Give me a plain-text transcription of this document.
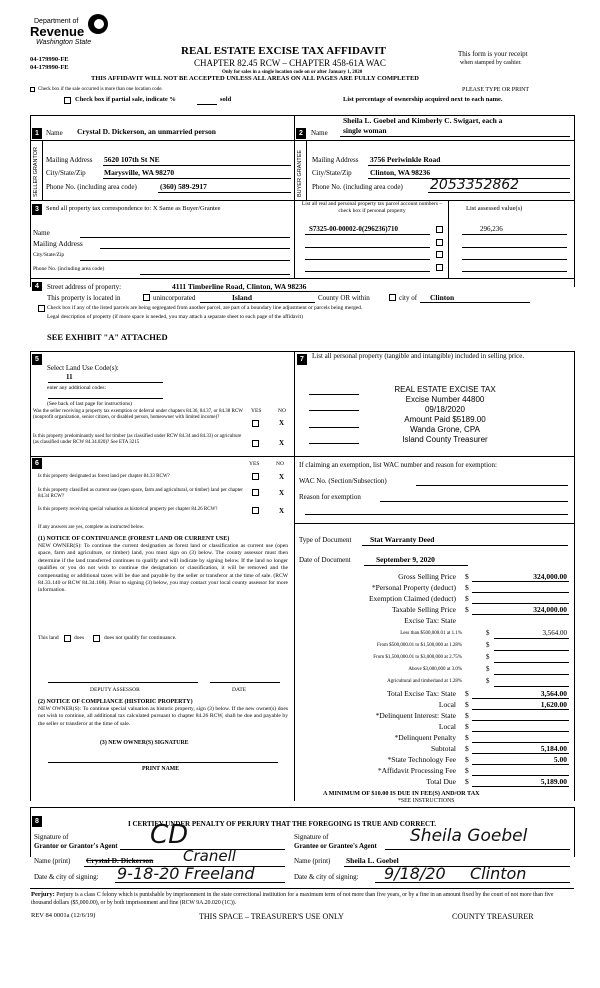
Department of
Revenue
Washington State
04-179990-FE
04-179990-FE
REAL ESTATE EXCISE TAX AFFIDAVIT
CHAPTER 82.45 RCW – CHAPTER 458-61A WAC
Only for sales in a single location code on or after January 1, 2020
THIS AFFIDAVIT WILL NOT BE ACCEPTED UNLESS ALL AREAS ON ALL PAGES ARE FULLY COMPLETED
This form is your receipt
when stamped by cashier.
PLEASE TYPE OR PRINT
Check box if the sale occurred is more than one location code.
Check box if partial sale, indicate %	sold	List percentage of ownership acquired next to each name.
1	Name Crystal D. Dickerson, an unmarried person
SELLER GRANTOR Mailing Address 5620 107th St NE
City/State/Zip Marysville, WA 98270
Phone No. (including area code)	(360) 589-2917
Sheila L. Goebel and Kimberly C. Swigart, each a
2	Name single woman
BUYER GRANTEE Mailing Address 3756 Periwinkle Road
City/State/Zip Clinton, WA 98236
Phone No. (including area code) 2053352862
3	Send all property tax correspondence to: X Same as Buyer/Grantee
List all real and personal property tax parcel account numbers – check box if personal property	List assessed value(s)
Name
Mailing Address
City/State/Zip
Phone No. (including area code)
S7325-00-00002-0(296236)710	296,236
4	Street address of property:	4111 Timberline Road, Clinton, WA 98236
This property is located in	unincorporated	Island	County OR within	city of Clinton
Check box if any of the listed parcels are being segregated from another parcel, are part of a boundary line adjustment or parcels being merged.
Legal description of property (if more space is needed, you may attach a separate sheet to each page of the affidavit)
SEE EXHIBIT "A" ATTACHED
5
Select Land Use Code(s):
11
enter any additional codes:
(See back of last page for instructions)
YES	NO
Was the seller receiving a property tax exemption or deferral under chapters 84.36, 84.37, or 84.38 RCW (nonprofit organization, senior citizen, or disabled person, homeowner with limited income)?
X
Is this property predominantly used for timber (as classified under RCW 84.34 and 84.33) or agriculture (as classified under RCW 84.34.020)? See ETA 3215	X
7	List all personal property (tangible and intangible) included in selling price.
REAL ESTATE EXCISE TAX
Excise Number 44800
09/18/2020
Amount Paid $5189.00
Wanda Grone, CPA
Island County Treasurer
6	YES	NO
Is this property designated as forest land per chapter 84.33 RCW?	X
Is this property classified as current use (open space, farm and agricultural, or timber) land per chapter 84.34 RCW?	X
Is this property receiving special valuation as historical property per chapter 84.26 RCW?	X
If any answers are yes, complete as instructed below.
(1) NOTICE OF CONTINUANCE (FOREST LAND OR CURRENT USE)
NEW OWNER(S): To continue the current designation as forest land or classification as current use (open space, farm and agriculture, or timber) land, you must sign on (3) below. The county assessor must then determine if the land transferred continues to qualify and will indicate by signing below. If the land no longer qualifies or you do not wish to continue the designation or classification, it will be removed and the compensating or additional taxes will be due and payable by the seller or transferor at the time of sale. (RCW 84.33.140 or RCW 84.34.108). Prior to signing (3) below, you may contact your local county assessor for more information.
This land	does	does not qualify for continuance.
DEPUTY ASSESSOR	DATE
(2) NOTICE OF COMPLIANCE (HISTORIC PROPERTY)
NEW OWNER(S): To continue special valuation as historic property, sign (3) below. If the new owner(s) does not wish to continue, all additional tax calculated pursuant to chapter 84.26 RCW, shall be due and payable by the seller or transferor at the time of sale.
(3) NEW OWNER(S) SIGNATURE
PRINT NAME
If claiming an exemption, list WAC number and reason for exemption:
WAC No. (Section/Subsection)
Reason for exemption
Type of Document Stat Warranty Deed
Date of Document	September 9, 2020
Gross Selling Price $	324,000.00
*Personal Property (deduct) $
Exemption Claimed (deduct) $
Taxable Selling Price $	324,000.00
Excise Tax: State
Less than $500,000.01 at 1.1%	$	3,564.00
From $500,000.01 to $1,500,000 at 1.28%	$
From $1,500,000.01 to $3,000,000 at 2.75%	$
Above $3,000,000 at 3.0%	$
Agricultural and timberland at 1.28%	$
Total Excise Tax: State $	3,564.00
Local $	1,620.00
*Delinquent Interest: State $
Local $
*Delinquent Penalty $
Subtotal $	5,184.00
*State Technology Fee $	5.00
*Affidavit Processing Fee $
Total Due $	5,189.00
A MINIMUM OF $10.00 IS DUE IN FEE(S) AND/OR TAX
*SEE INSTRUCTIONS
8	I CERTIFY UNDER PENALTY OF PERJURY THAT THE FOREGOING IS TRUE AND CORRECT.
Signature of
Grantor or Grantor's Agent CD
Name (print) Crystal D. Dickerson Cranell
Date & city of signing: 9-18-20 Freeland
Signature of
Grantee or Grantee's Agent Sheila Goebel
Name (print) Sheila L. Goebel
Date & city of signing: 9/18/20 Clinton
Perjury: Perjury is a class C felony which is punishable by imprisonment in the state correctional institution for a maximum term of not more than five years, or by a fine in an amount fixed by the court of not more than five thousand dollars ($5,000.00), or by both imprisonment and fine (RCW 9A.20.020 (1C)).
REV 84 0001a (12/6/19)	THIS SPACE – TREASURER'S USE ONLY	COUNTY TREASURER
